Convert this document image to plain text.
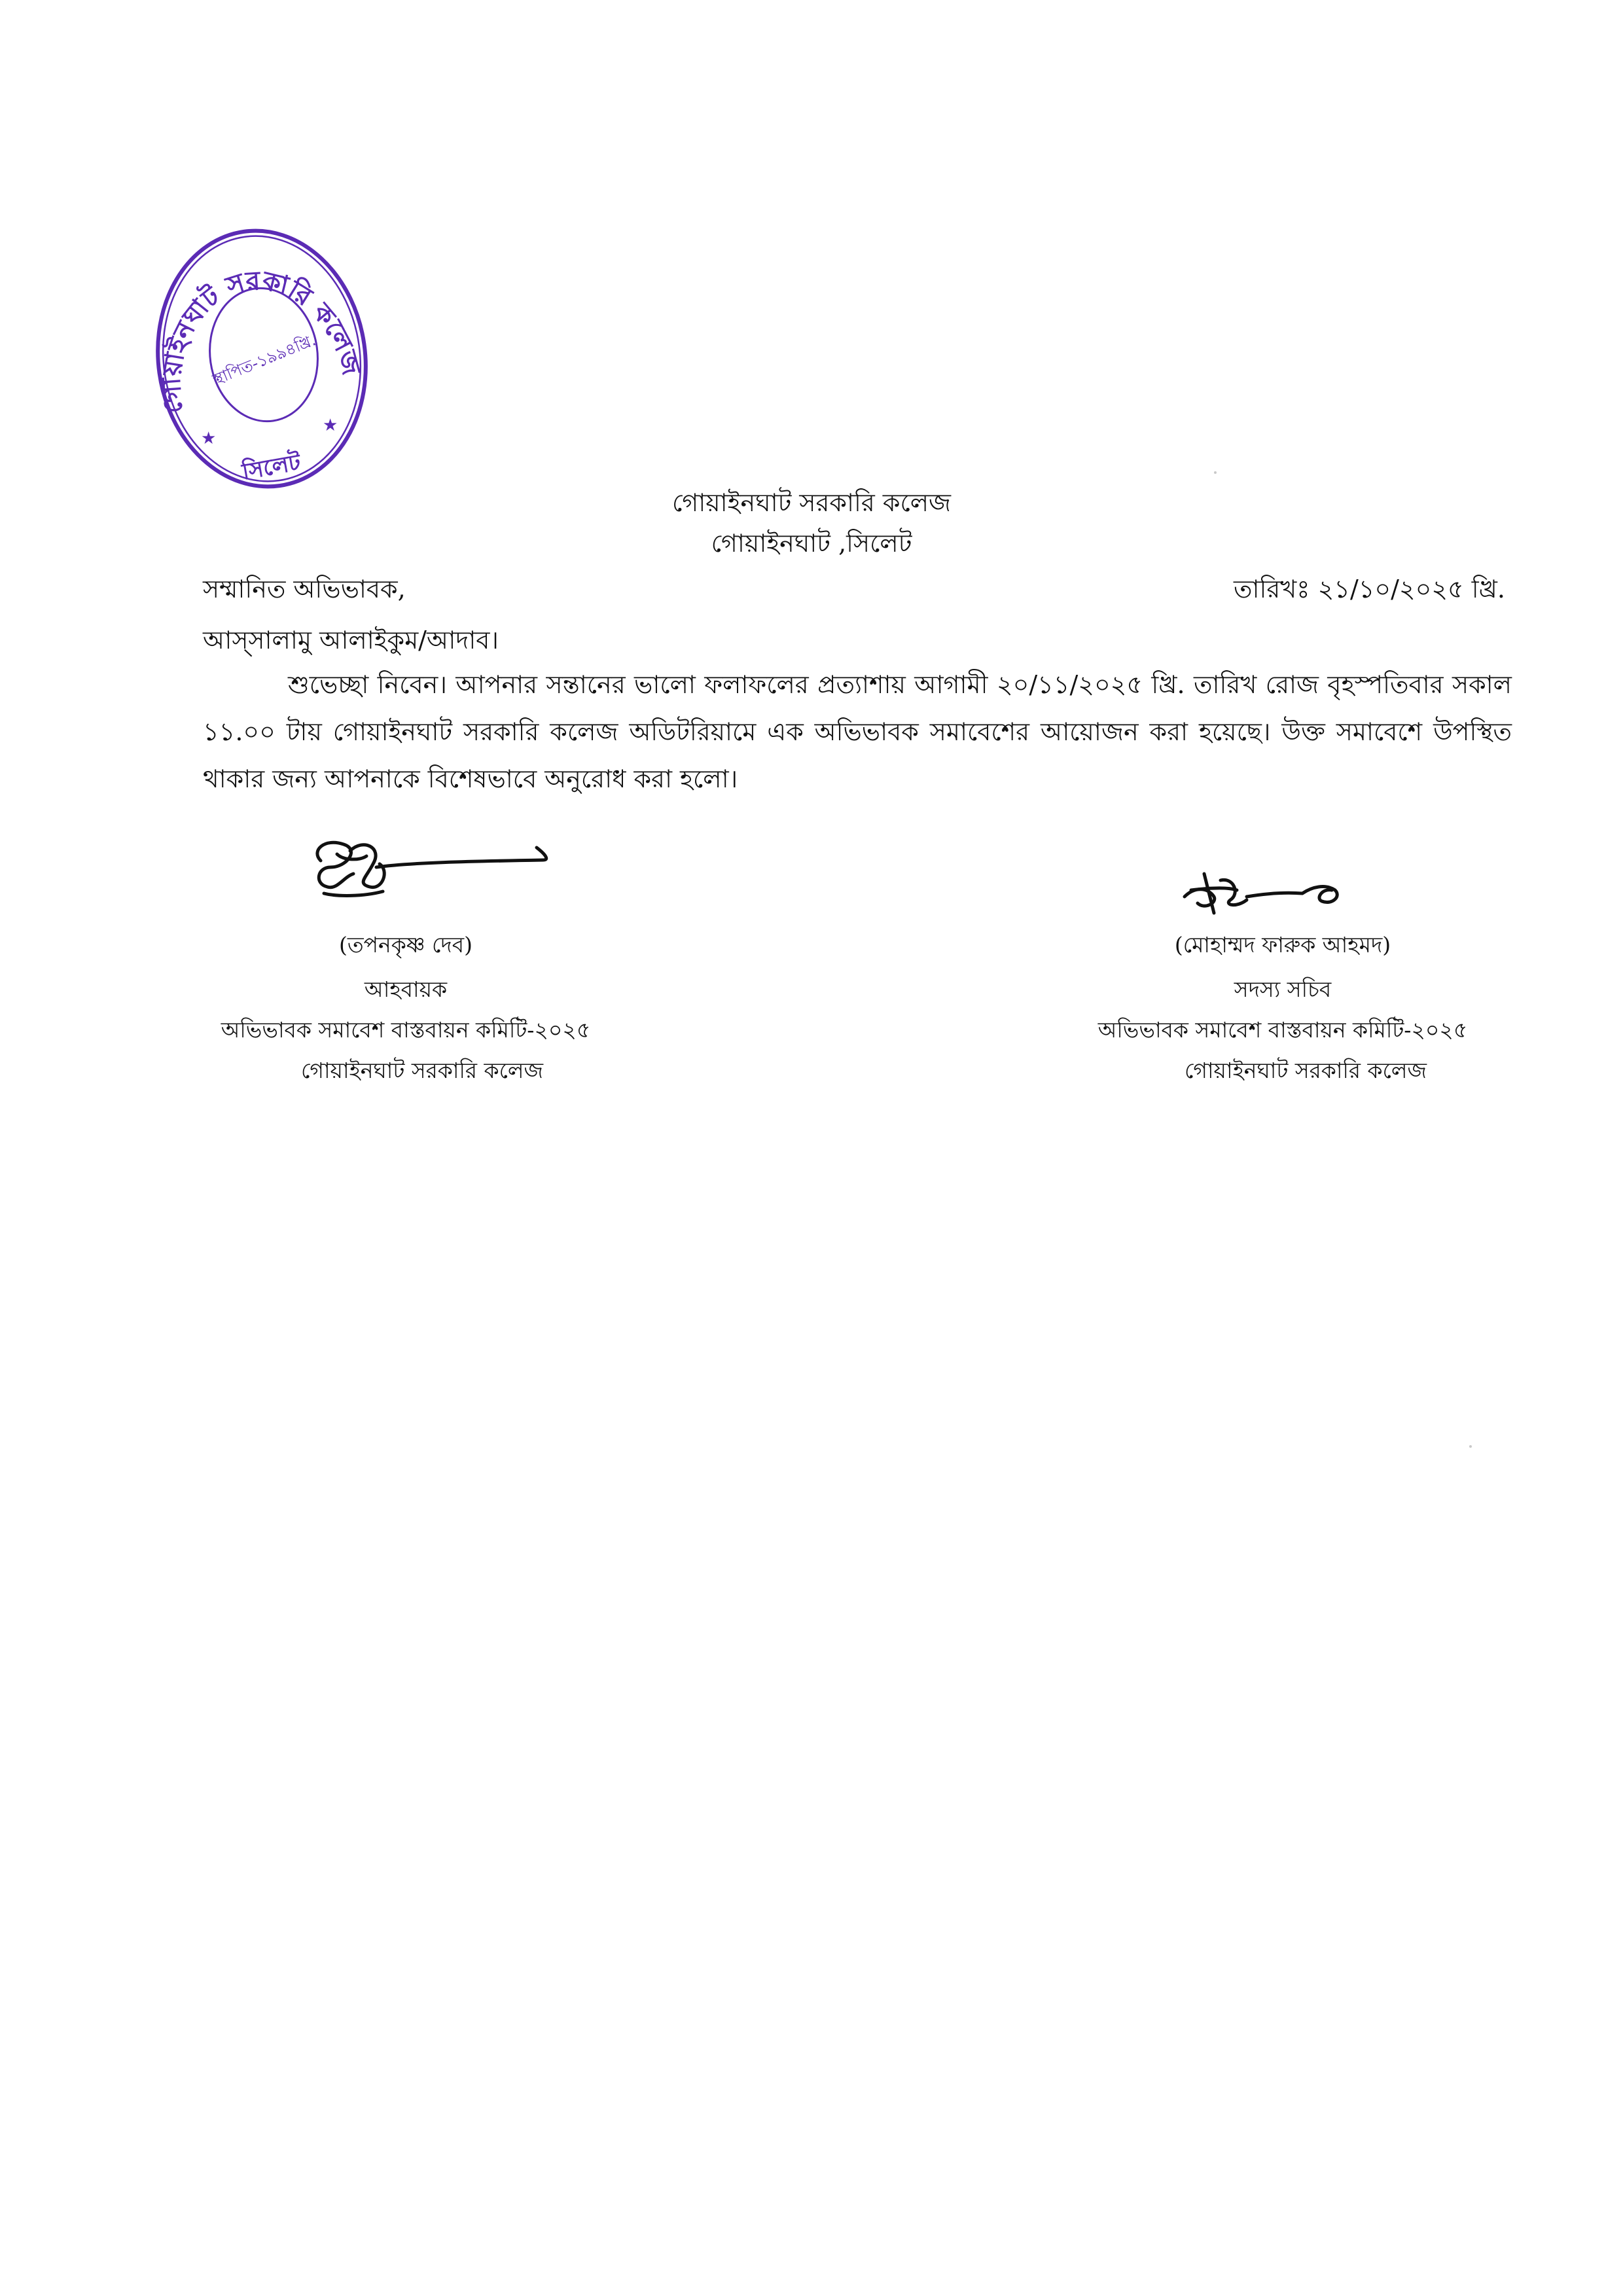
গোয়াইনঘাট সরকারি কলেজ
স্থাপিত-১৯৯৪খ্রি.
সিলেট
★
★
গোয়াইনঘাট সরকারি কলেজ
গোয়াইনঘাট ,সিলেট
সম্মানিত অভিভাবক,	তারিখঃ ২১/১০/২০২৫ খ্রি.
আস্সালামু আলাইকুম/আদাব।
শুভেচ্ছা নিবেন। আপনার সন্তানের ভালো ফলাফলের প্রত্যাশায় আগামী ২০/১১/২০২৫ খ্রি. তারিখ রোজ বৃহস্পতিবার সকাল ১১.০০ টায় গোয়াইনঘাট সরকারি কলেজ অডিটরিয়ামে এক অভিভাবক সমাবেশের আয়োজন করা হয়েছে। উক্ত সমাবেশে উপস্থিত থাকার জন্য আপনাকে বিশেষভাবে অনুরোধ করা হলো।
(তপনকৃষ্ণ দেব)
আহবায়ক
অভিভাবক সমাবেশ বাস্তবায়ন কমিটি-২০২৫
গোয়াইনঘাট সরকারি কলেজ
(মোহাম্মদ ফারুক আহমদ)
সদস্য সচিব
অভিভাবক সমাবেশ বাস্তবায়ন কমিটি-২০২৫
গোয়াইনঘাট সরকারি কলেজ
